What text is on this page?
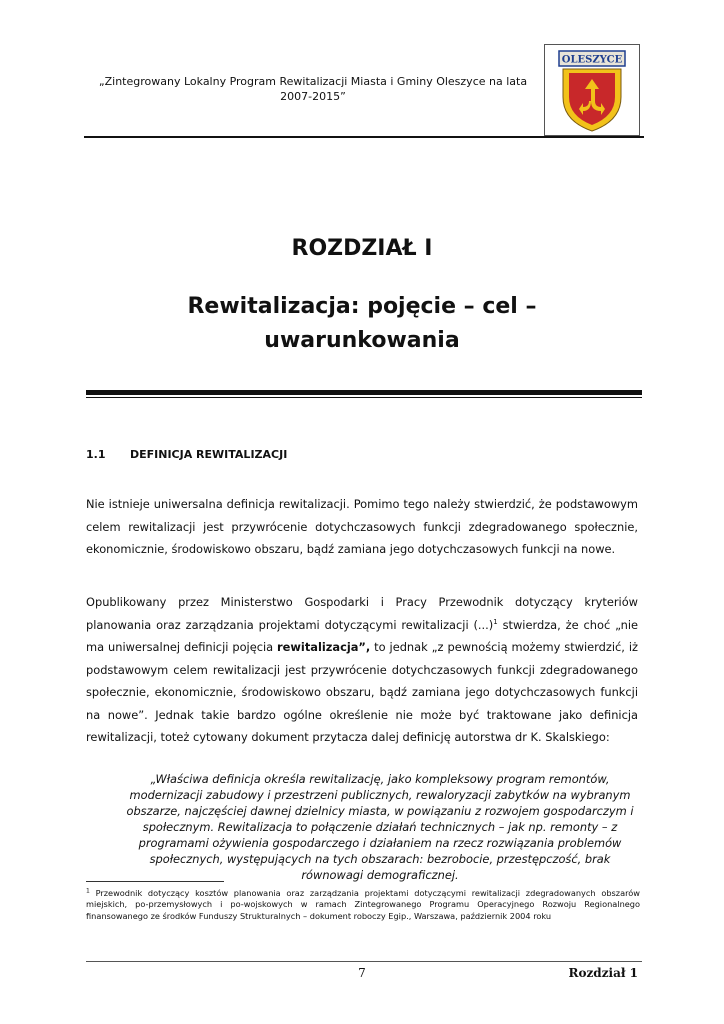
„Zintegrowany Lokalny Program Rewitalizacji Miasta i Gminy Oleszyce na lata 2007-2015”
OLESZYCE
ROZDZIAŁ I
Rewitalizacja: pojęcie – cel – uwarunkowania
1.1 DEFINICJA REWITALIZACJI

Nie istnieje uniwersalna definicja rewitalizacji. Pomimo tego należy stwierdzić, że podstawowym celem rewitalizacji jest przywrócenie dotychczasowych funkcji zdegradowanego społecznie, ekonomicznie, środowiskowo obszaru, bądź zamiana jego dotychczasowych funkcji na nowe.

Opublikowany przez Ministerstwo Gospodarki i Pracy Przewodnik dotyczący kryteriów planowania oraz zarządzania projektami dotyczącymi rewitalizacji (...)$^1$ stwierdza, że choć „nie ma uniwersalnej definicji pojęcia rewitalizacja”, to jednak „z pewnością możemy stwierdzić, iż podstawowym celem rewitalizacji jest przywrócenie dotychczasowych funkcji zdegradowanego społecznie, ekonomicznie, środowiskowo obszaru, bądź zamiana jego dotychczasowych funkcji na nowe”. Jednak takie bardzo ogólne określenie nie może być traktowane jako definicja rewitalizacji, toteż cytowany dokument przytacza dalej definicję autorstwa dr K. Skalskiego:

„Właściwa definicja określa rewitalizację, jako kompleksowy program remontów, modernizacji zabudowy i przestrzeni publicznych, rewaloryzacji zabytków na wybranym obszarze, najczęściej dawnej dzielnicy miasta, w powiązaniu z rozwojem gospodarczym i społecznym. Rewitalizacja to połączenie działań technicznych – jak np. remonty – z programami ożywienia gospodarczego i działaniem na rzecz rozwiązania problemów społecznych, występujących na tych obszarach: bezrobocie, przestępczość, brak równowagi demograficznej.

$^1$ Przewodnik dotyczący kosztów planowania oraz zarządzania projektami dotyczącymi rewitalizacji zdegradowanych obszarów miejskich, po-przemysłowych i po-wojskowych w ramach Zintegrowanego Programu Operacyjnego Rozwoju Regionalnego finansowanego ze środków Funduszy Strukturalnych – dokument roboczy Egip., Warszawa, październik 2004 roku

7	Rozdział 1
